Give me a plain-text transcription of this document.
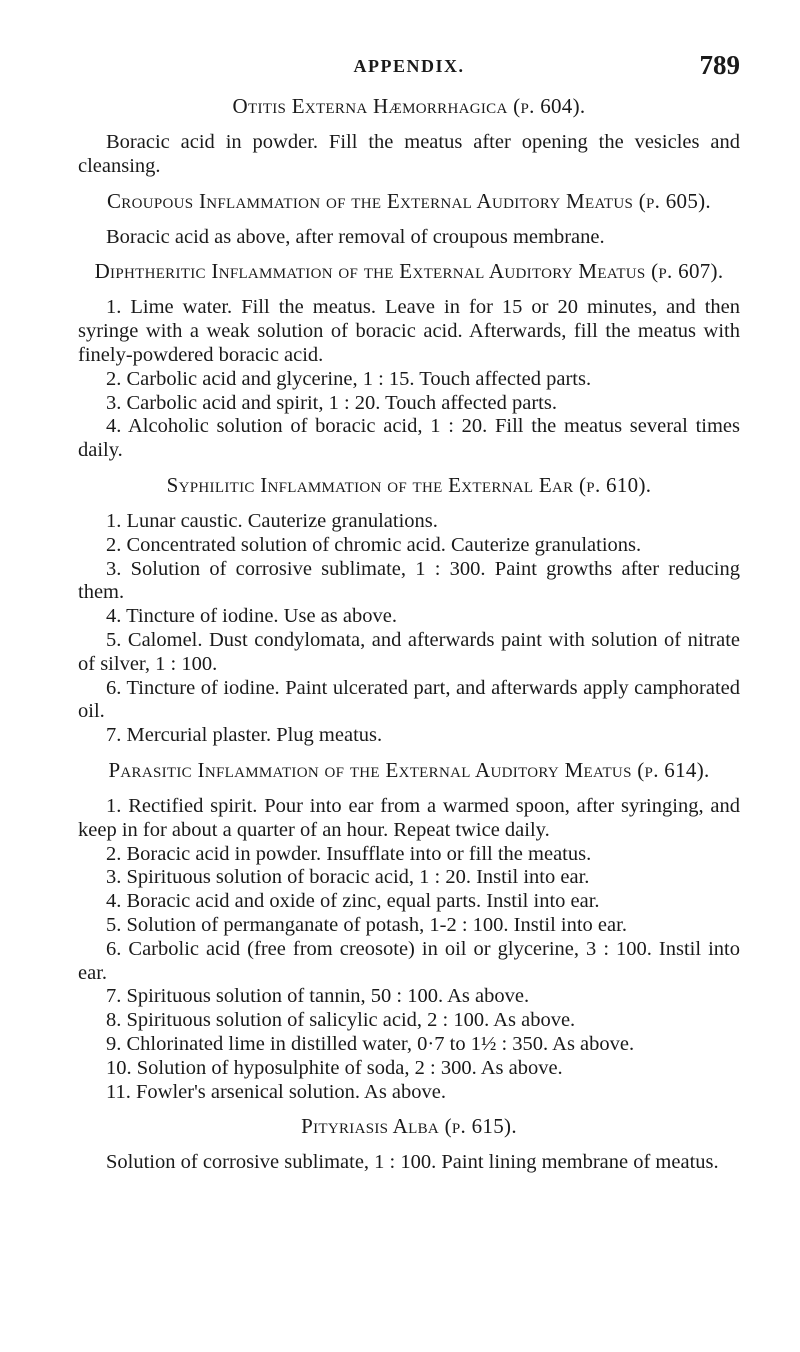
APPENDIX.	789
Otitis Externa Hæmorrhagica (p. 604).

Boracic acid in powder. Fill the meatus after opening the vesicles and cleansing.

Croupous Inflammation of the External Auditory Meatus (p. 605).

Boracic acid as above, after removal of croupous membrane.

Diphtheritic Inflammation of the External Auditory Meatus (p. 607).

1. Lime water. Fill the meatus. Leave in for 15 or 20 minutes, and then syringe with a weak solution of boracic acid. Afterwards, fill the meatus with finely-powdered boracic acid.

2. Carbolic acid and glycerine, 1 : 15. Touch affected parts.

3. Carbolic acid and spirit, 1 : 20. Touch affected parts.

4. Alcoholic solution of boracic acid, 1 : 20. Fill the meatus several times daily.

Syphilitic Inflammation of the External Ear (p. 610).

1. Lunar caustic. Cauterize granulations.

2. Concentrated solution of chromic acid. Cauterize granulations.

3. Solution of corrosive sublimate, 1 : 300. Paint growths after reducing them.

4. Tincture of iodine. Use as above.

5. Calomel. Dust condylomata, and afterwards paint with solution of nitrate of silver, 1 : 100.

6. Tincture of iodine. Paint ulcerated part, and afterwards apply camphorated oil.

7. Mercurial plaster. Plug meatus.

Parasitic Inflammation of the External Auditory Meatus (p. 614).

1. Rectified spirit. Pour into ear from a warmed spoon, after syringing, and keep in for about a quarter of an hour. Repeat twice daily.

2. Boracic acid in powder. Insufflate into or fill the meatus.

3. Spirituous solution of boracic acid, 1 : 20. Instil into ear.

4. Boracic acid and oxide of zinc, equal parts. Instil into ear.

5. Solution of permanganate of potash, 1-2 : 100. Instil into ear.

6. Carbolic acid (free from creosote) in oil or glycerine, 3 : 100. Instil into ear.

7. Spirituous solution of tannin, 50 : 100. As above.

8. Spirituous solution of salicylic acid, 2 : 100. As above.

9. Chlorinated lime in distilled water, 0·7 to 1½ : 350. As above.

10. Solution of hyposulphite of soda, 2 : 300. As above.

11. Fowler's arsenical solution. As above.

Pityriasis Alba (p. 615).

Solution of corrosive sublimate, 1 : 100. Paint lining membrane of meatus.
